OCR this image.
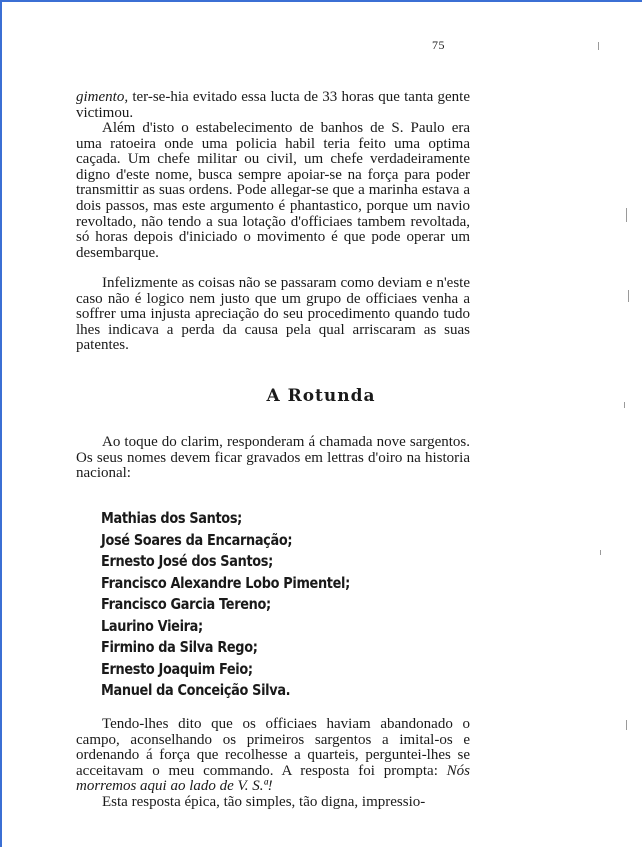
75

gimento, ter-se-hia evitado essa lucta de 33 horas que tanta gente victimou.

Além d'isto o estabelecimento de banhos de S. Paulo era uma ratoeira onde uma policia habil teria feito uma optima caçada. Um chefe militar ou civil, um chefe verdadeiramente digno d'este nome, busca sempre apoiar-se na força para poder transmittir as suas ordens. Pode allegar-se que a marinha estava a dois passos, mas este argumento é phantastico, porque um navio revoltado, não tendo a sua lotação d'officiaes tambem revoltada, só horas depois d'iniciado o movimento é que pode operar um desembarque.

Infelizmente as coisas não se passaram como deviam e n'este caso não é logico nem justo que um grupo de officiaes venha a soffrer uma injusta apreciação do seu procedimento quando tudo lhes indicava a perda da causa pela qual arriscaram as suas patentes.

A Rotunda

Ao toque do clarim, responderam á chamada nove sargentos. Os seus nomes devem ficar gravados em lettras d'oiro na historia nacional:

Mathias dos Santos;
José Soares da Encarnação;
Ernesto José dos Santos;
Francisco Alexandre Lobo Pimentel;
Francisco Garcia Tereno;
Laurino Vieira;
Firmino da Silva Rego;
Ernesto Joaquim Feio;
Manuel da Conceição Silva.

Tendo-lhes dito que os officiaes haviam abandonado o campo, aconselhando os primeiros sargentos a imital-os e ordenando á força que recolhesse a quarteis, perguntei-lhes se acceitavam o meu commando. A resposta foi prompta: Nós morremos aqui ao lado de V. S.ª!

Esta resposta épica, tão simples, tão digna, impressio-
